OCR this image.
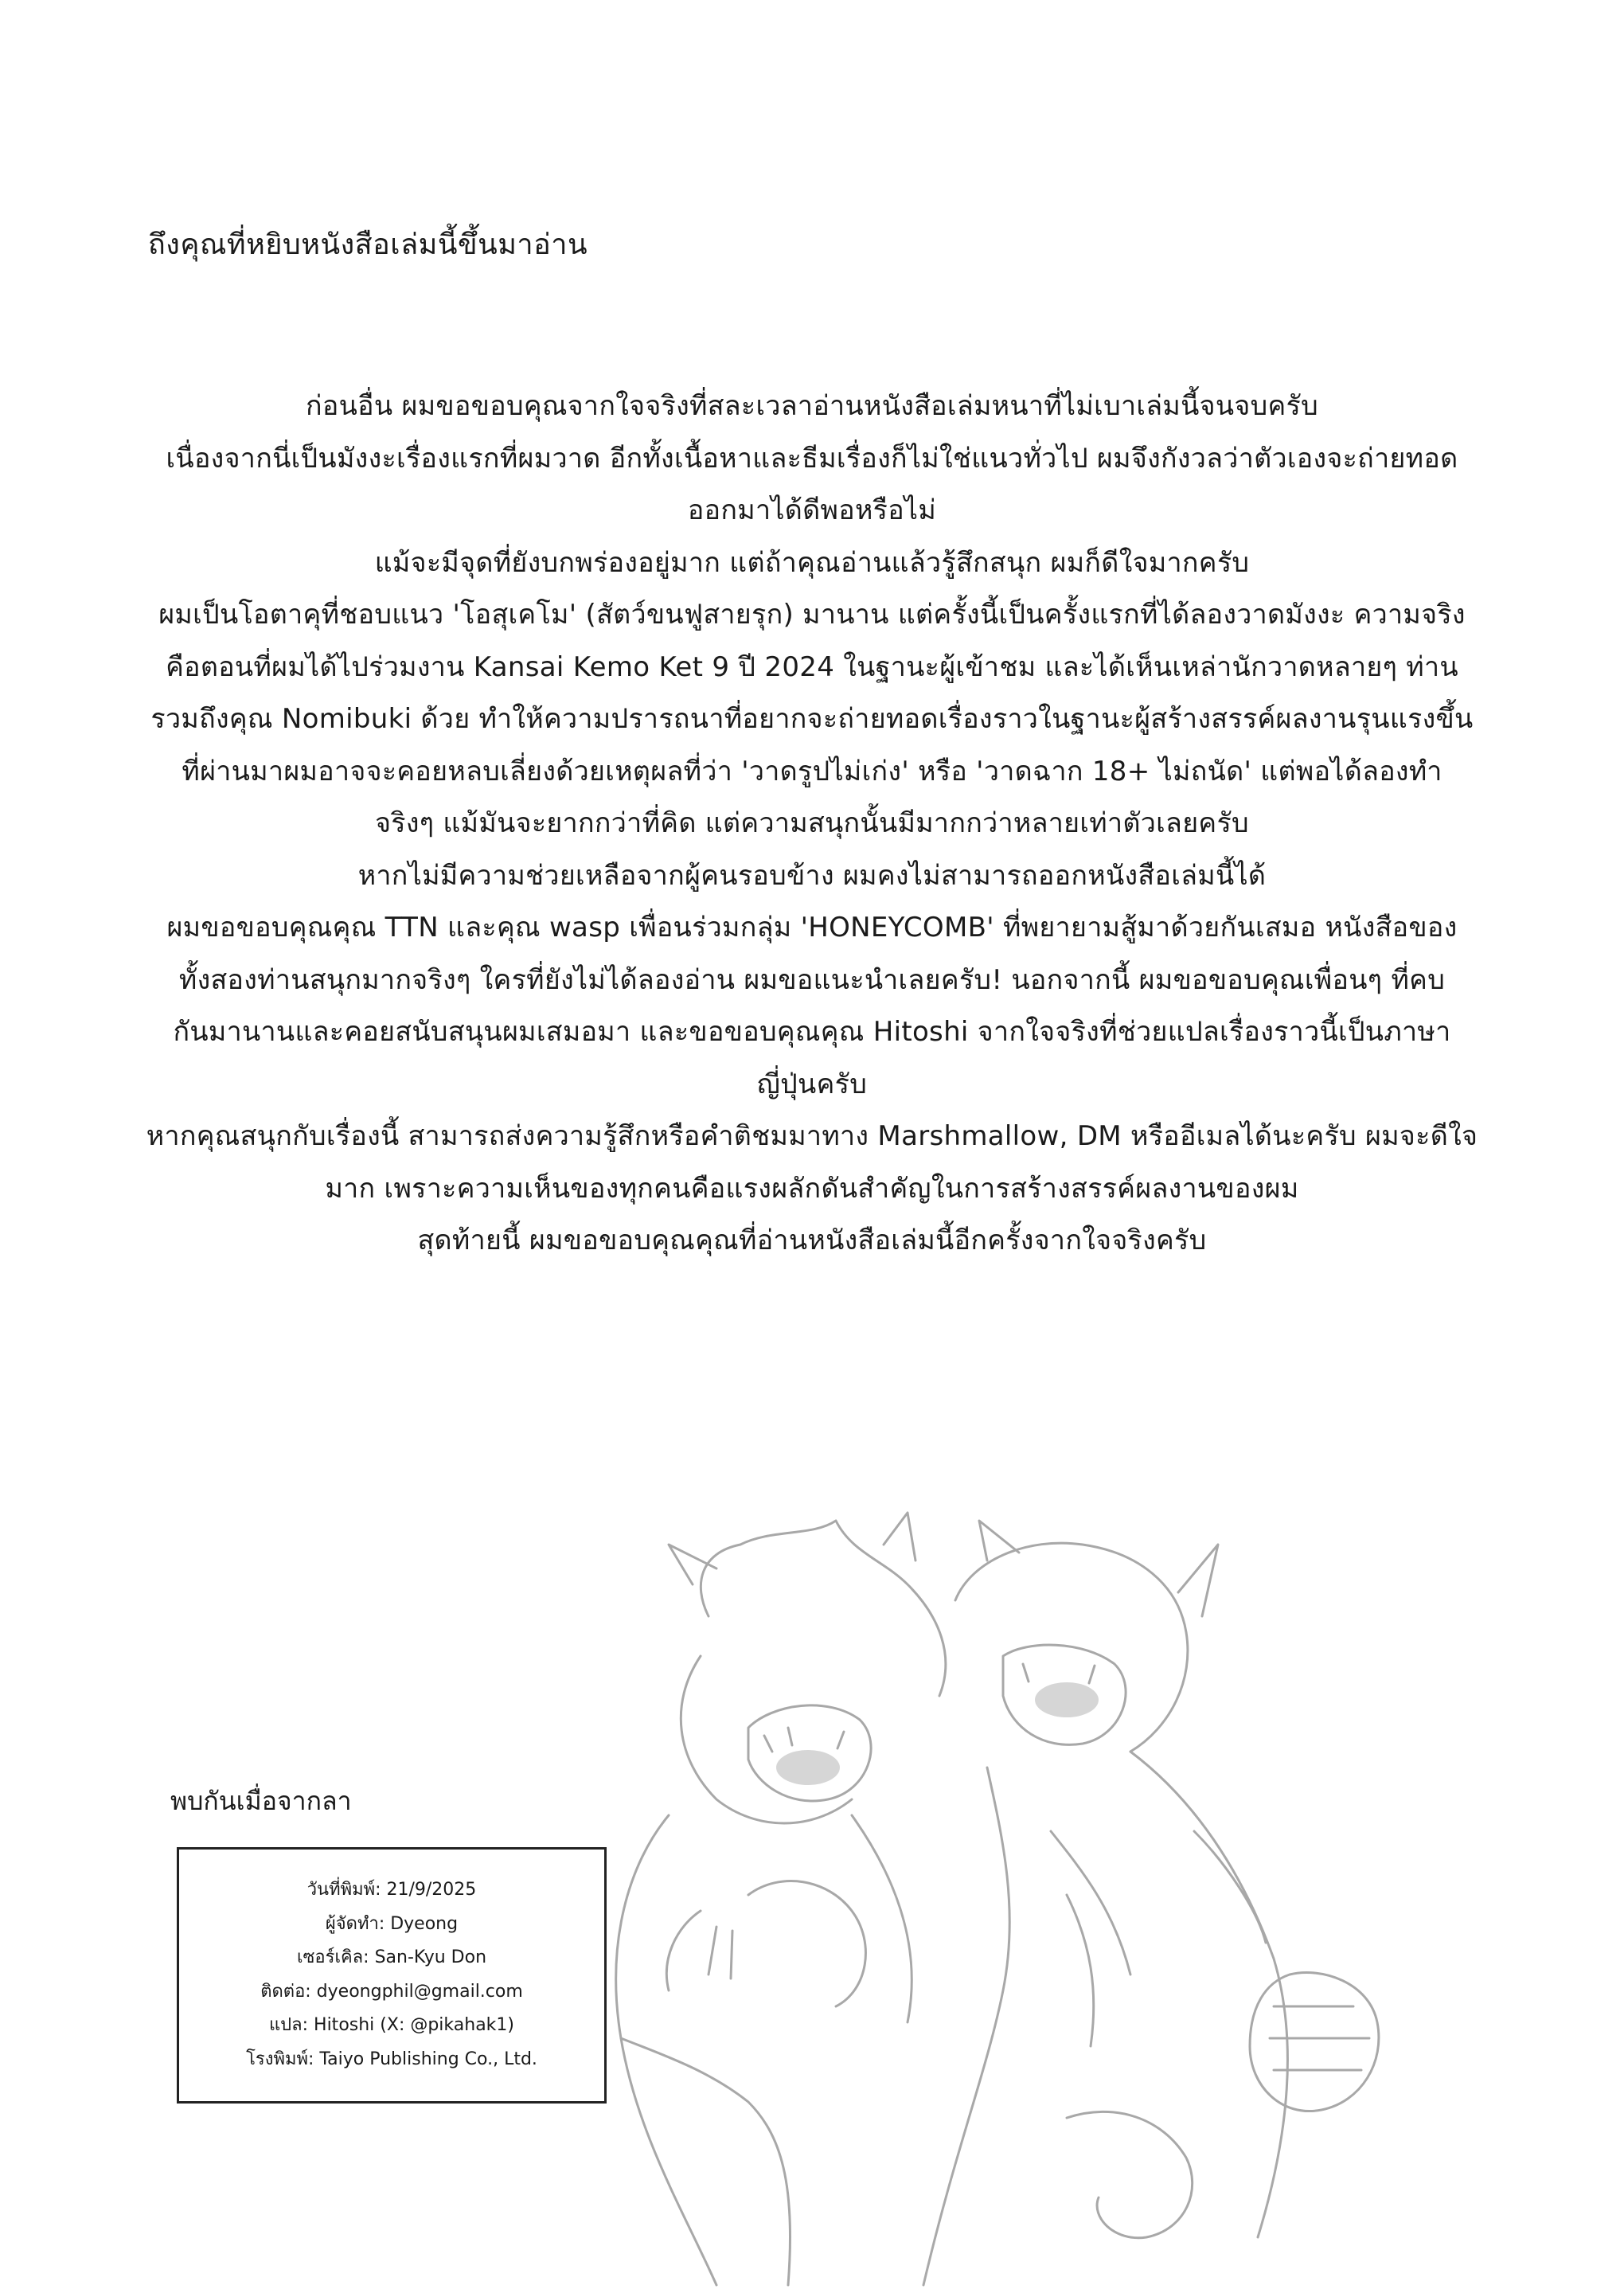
ถึงคุณที่หยิบหนังสือเล่มนี้ขึ้นมาอ่าน
ก่อนอื่น ผมขอขอบคุณจากใจจริงที่สละเวลาอ่านหนังสือเล่มหนาที่ไม่เบาเล่มนี้จนจบครับ
เนื่องจากนี่เป็นมังงะเรื่องแรกที่ผมวาด อีกทั้งเนื้อหาและธีมเรื่องก็ไม่ใช่แนวทั่วไป ผมจึงกังวลว่าตัวเองจะถ่ายทอด
ออกมาได้ดีพอหรือไม่
แม้จะมีจุดที่ยังบกพร่องอยู่มาก แต่ถ้าคุณอ่านแล้วรู้สึกสนุก ผมก็ดีใจมากครับ
ผมเป็นโอตาคุที่ชอบแนว 'โอสุเคโม' (สัตว์ขนฟูสายรุก) มานาน แต่ครั้งนี้เป็นครั้งแรกที่ได้ลองวาดมังงะ ความจริง
คือตอนที่ผมได้ไปร่วมงาน Kansai Kemo Ket 9 ปี 2024 ในฐานะผู้เข้าชม และได้เห็นเหล่านักวาดหลายๆ ท่าน
รวมถึงคุณ Nomibuki ด้วย ทำให้ความปรารถนาที่อยากจะถ่ายทอดเรื่องราวในฐานะผู้สร้างสรรค์ผลงานรุนแรงขึ้น
ที่ผ่านมาผมอาจจะคอยหลบเลี่ยงด้วยเหตุผลที่ว่า 'วาดรูปไม่เก่ง' หรือ 'วาดฉาก 18+ ไม่ถนัด' แต่พอได้ลองทำ
จริงๆ แม้มันจะยากกว่าที่คิด แต่ความสนุกนั้นมีมากกว่าหลายเท่าตัวเลยครับ
หากไม่มีความช่วยเหลือจากผู้คนรอบข้าง ผมคงไม่สามารถออกหนังสือเล่มนี้ได้
ผมขอขอบคุณคุณ TTN และคุณ wasp เพื่อนร่วมกลุ่ม 'HONEYCOMB' ที่พยายามสู้มาด้วยกันเสมอ หนังสือของ
ทั้งสองท่านสนุกมากจริงๆ ใครที่ยังไม่ได้ลองอ่าน ผมขอแนะนำเลยครับ! นอกจากนี้ ผมขอขอบคุณเพื่อนๆ ที่คบ
กันมานานและคอยสนับสนุนผมเสมอมา และขอขอบคุณคุณ Hitoshi จากใจจริงที่ช่วยแปลเรื่องราวนี้เป็นภาษา
ญี่ปุ่นครับ
หากคุณสนุกกับเรื่องนี้ สามารถส่งความรู้สึกหรือคำติชมมาทาง Marshmallow, DM หรืออีเมลได้นะครับ ผมจะดีใจ
มาก เพราะความเห็นของทุกคนคือแรงผลักดันสำคัญในการสร้างสรรค์ผลงานของผม
สุดท้ายนี้ ผมขอขอบคุณคุณที่อ่านหนังสือเล่มนี้อีกครั้งจากใจจริงครับ
พบกันเมื่อจากลา
วันที่พิมพ์: 21/9/2025
ผู้จัดทำ: Dyeong
เซอร์เคิล: San-Kyu Don
ติดต่อ: dyeongphil@gmail.com
แปล: Hitoshi (X: @pikahak1)
โรงพิมพ์: Taiyo Publishing Co., Ltd.
